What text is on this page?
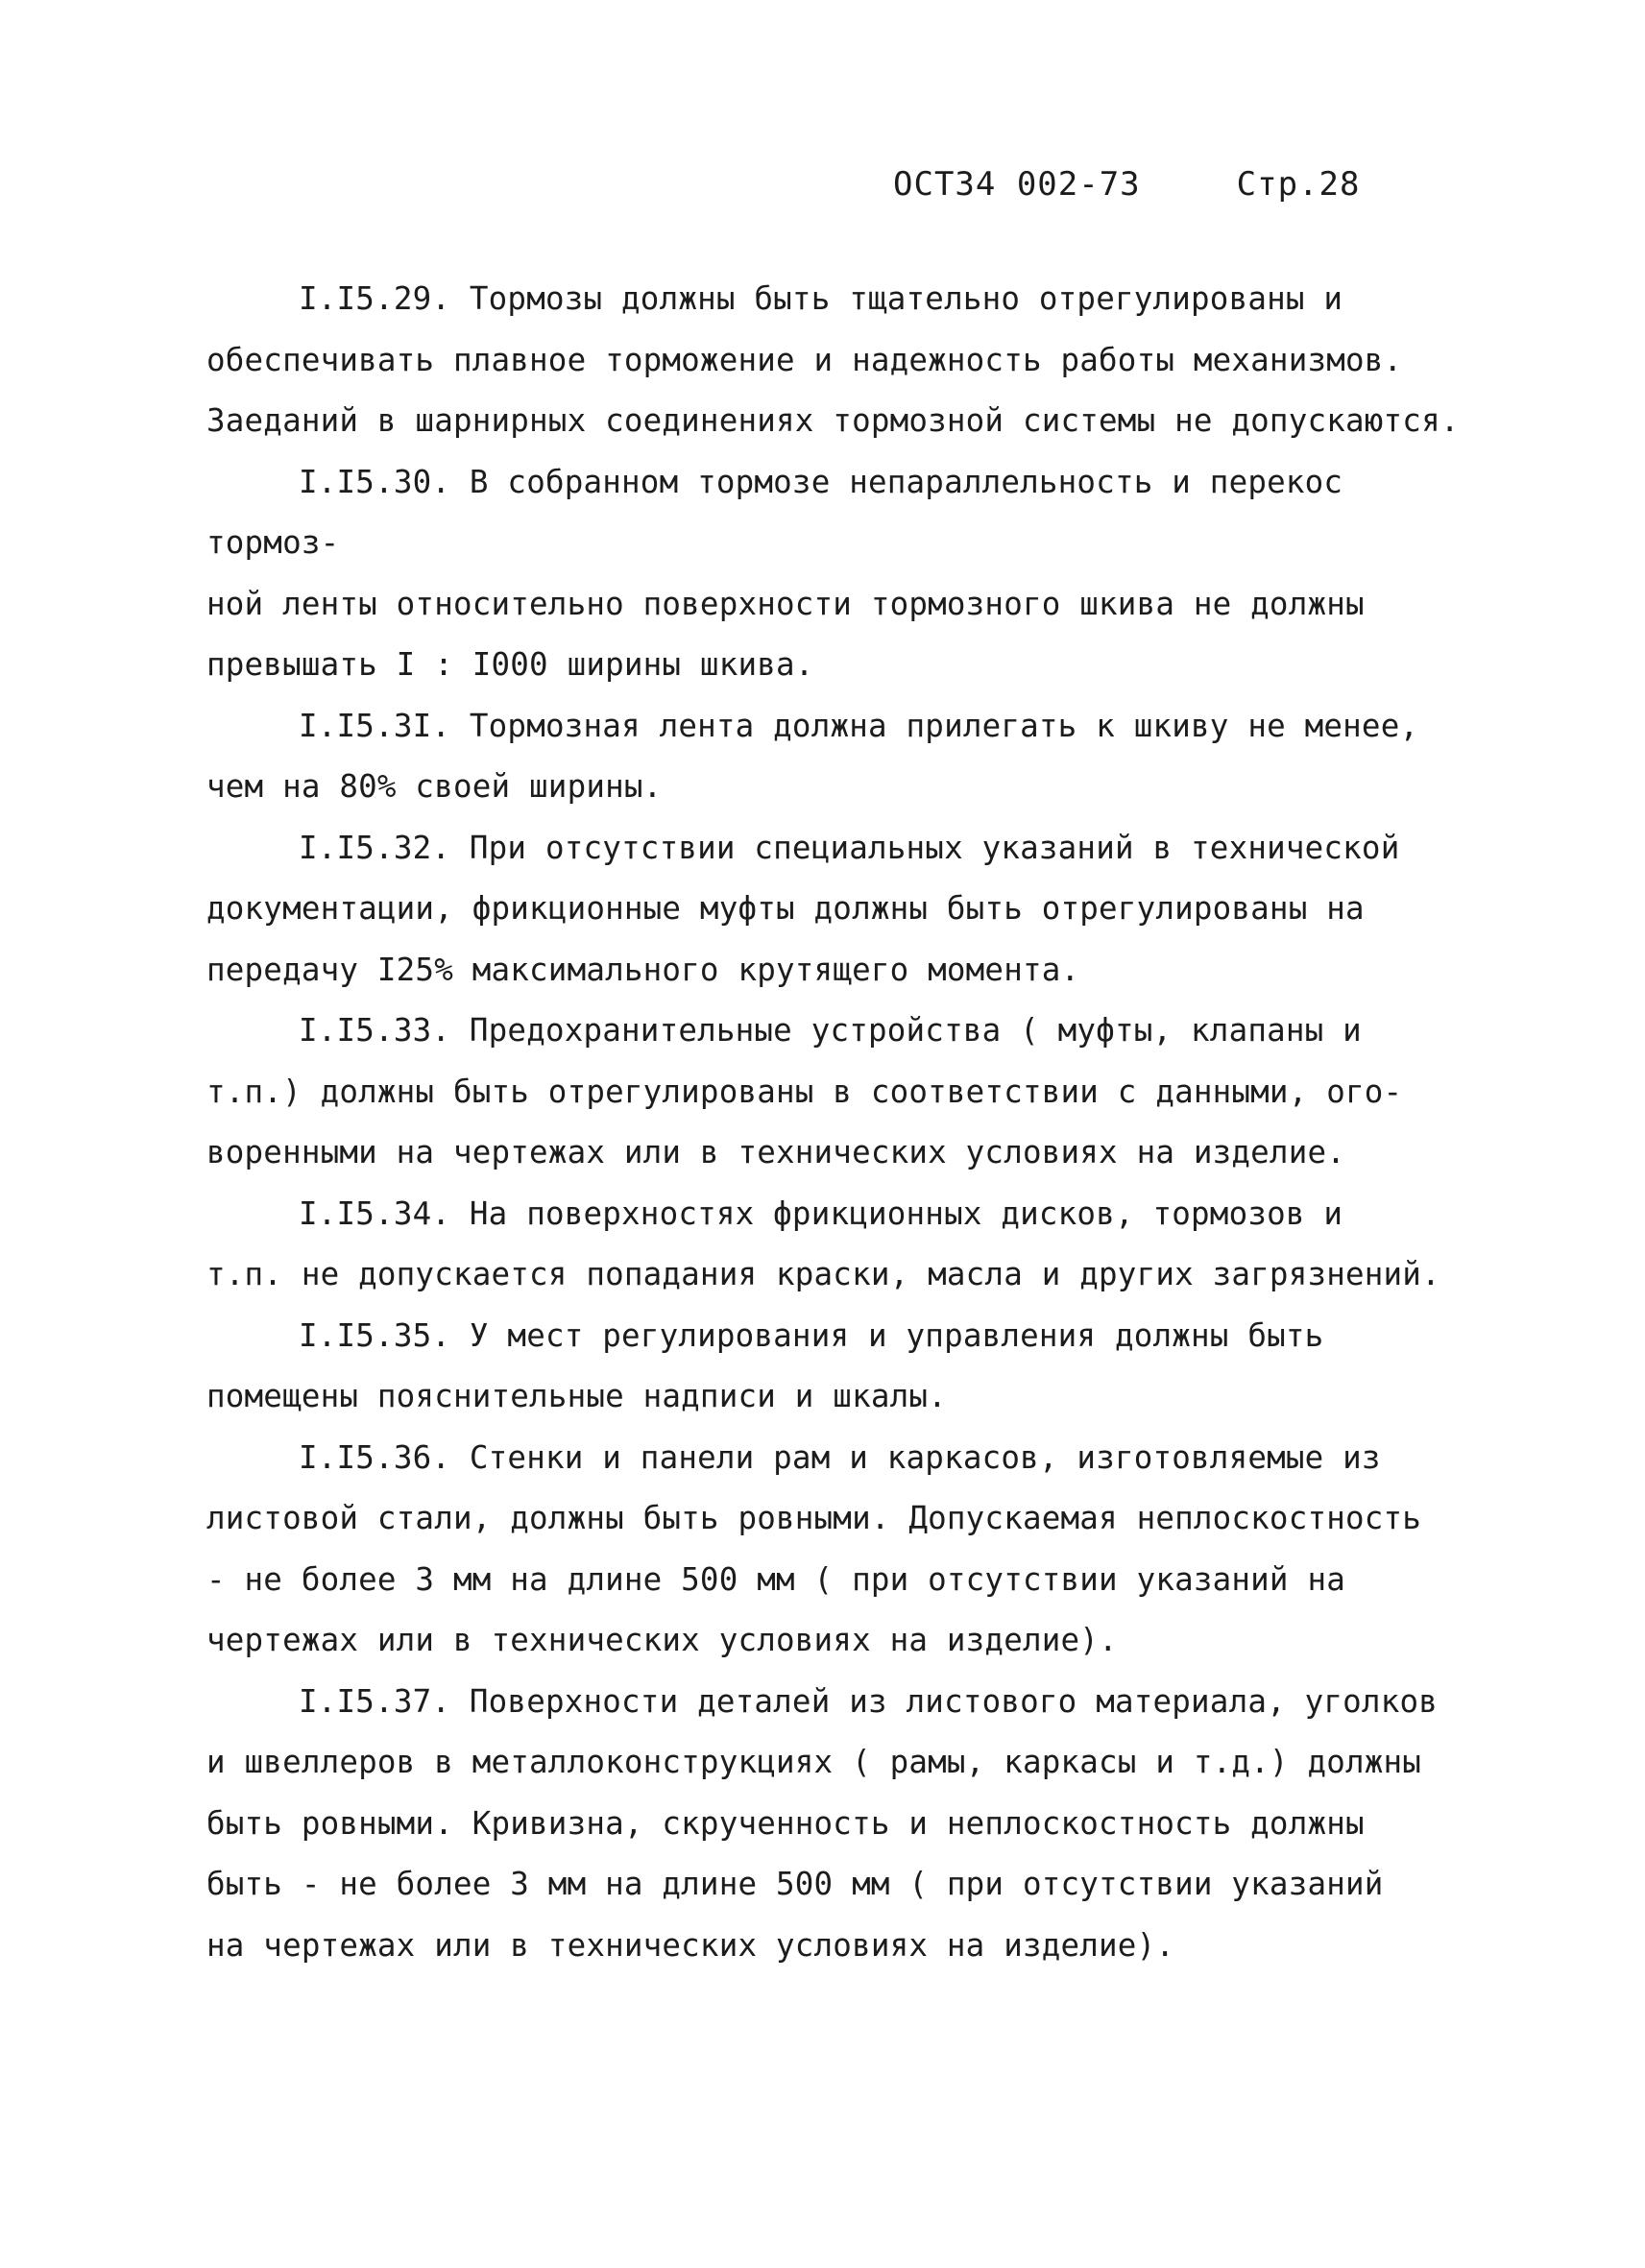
ОСТ34 002-73	Стр.28

I.I5.29. Тормозы должны быть тщательно отрегулированы и
обеспечивать плавное торможение и надежность работы механизмов.
Заеданий в шарнирных соединениях тормозной системы не допускаются.

I.I5.30. В собранном тормозе непараллельность и перекос тормоз-
ной ленты относительно поверхности тормозного шкива не должны
превышать I : I000 ширины шкива.

I.I5.3I. Тормозная лента должна прилегать к шкиву не менее,
чем на 80% своей ширины.

I.I5.32. При отсутствии специальных указаний в технической
документации, фрикционные муфты должны быть отрегулированы на
передачу I25% максимального крутящего момента.

I.I5.33. Предохранительные устройства ( муфты, клапаны и
т.п.) должны быть отрегулированы в соответствии с данными, ого-
воренными на чертежах или в технических условиях на изделие.

I.I5.34. На поверхностях фрикционных дисков, тормозов и
т.п. не допускается попадания краски, масла и других загрязнений.

I.I5.35. У мест регулирования и управления должны быть
помещены пояснительные надписи и шкалы.

I.I5.36. Стенки и панели рам и каркасов, изготовляемые из
листовой стали, должны быть ровными. Допускаемая неплоскостность
- не более 3 мм на длине 500 мм ( при отсутствии указаний на
чертежах или в технических условиях на изделие).

I.I5.37. Поверхности деталей из листового материала, уголков
и швеллеров в металлоконструкциях ( рамы, каркасы и т.д.) должны
быть ровными. Кривизна, скрученность и неплоскостность должны
быть - не более 3 мм на длине 500 мм ( при отсутствии указаний
на чертежах или в технических условиях на изделие).
